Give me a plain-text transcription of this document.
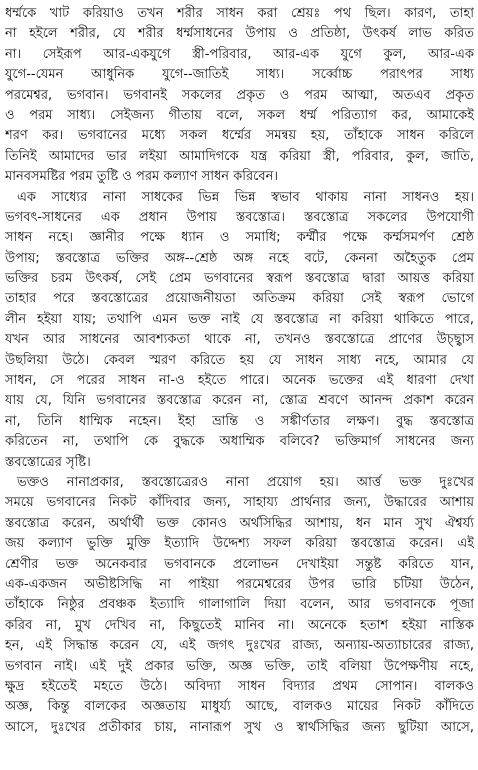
ধর্ম্মকে খাট করিয়াও তখন শরীর সাধন করা শ্রেয়ঃ পথ ছিল। কারণ, তাহা
না হইলে শরীর, যে শরীর ধর্ম্মসাধনের উপায় ও প্রতিষ্ঠা, উৎকর্ষ লাভ করিত
না। সেইরূপ আর-একযুগে স্ত্রী-পরিবার, আর-এক যুগে কুল, আর-এক
যুগে--যেমন আধুনিক যুগে--জাতিই সাধ্য। সর্ব্বোচ্চ পরাৎপর সাধ্য
পরমেশ্বর, ভগবান। ভগবানই সকলের প্রকৃত ও পরম আত্মা, অতএব প্রকৃত
ও পরম সাধ্য। সেইজন্য গীতায় বলে, সকল ধর্ম্ম পরিত্যাগ কর, আমাকেই
শরণ কর। ভগবানের মধ্যে সকল ধর্ম্মের সমন্বয় হয়, তাঁহাকে সাধন করিলে
তিনিই আমাদের ভার লইয়া আমাদিগকে যন্ত্র করিয়া স্ত্রী, পরিবার, কুল, জাতি,
মানবসমষ্টির পরম তুষ্টি ও পরম কল্যাণ সাধন করিবেন।
এক সাধ্যের নানা সাধকের ভিন্ন ভিন্ন স্বভাব থাকায় নানা সাধনও হয়।
ভগবৎ-সাধনের এক প্রধান উপায় স্তবস্তোত্র। স্তবস্তোত্র সকলের উপযোগী
সাধন নহে। জ্ঞানীর পক্ষে ধ্যান ও সমাধি; কর্ম্মীর পক্ষে কর্ম্মসমর্পণ শ্রেষ্ঠ
উপায়; স্তবস্তোত্র ভক্তির অঙ্গ--শ্রেষ্ঠ অঙ্গ নহে বটে, কেননা অহৈতুক প্রেম
ভক্তির চরম উৎকর্ষ, সেই প্রেম ভগবানের স্বরূপ স্তবস্তোত্র দ্বারা আয়ত্ত করিয়া
তাহার পরে স্তবস্তোত্রের প্রয়োজনীয়তা অতিক্রম করিয়া সেই স্বরূপ ভোগে
লীন হইয়া যায়; তথাপি এমন ভক্ত নাই যে স্তবস্তোত্র না করিয়া থাকিতে পারে,
যখন আর সাধনের আবশ্যকতা থাকে না, তখনও স্তবস্তোত্রে প্রাণের উচ্ছ্বাস
উছলিয়া উঠে। কেবল স্মরণ করিতে হয় যে সাধন সাধ্য নহে, আমার যে
সাধন, সে পরের সাধন না-ও হইতে পারে। অনেক ভক্তের এই ধারণা দেখা
যায় যে, যিনি ভগবানের স্তবস্তোত্র করেন না, স্তোত্র শ্রবণে আনন্দ প্রকাশ করেন
না, তিনি ধাম্মিক নহেন। ইহা ভ্রান্তি ও সঙ্কীর্ণতার লক্ষণ। বুদ্ধ স্তবস্তোত্র
করিতেন না, তথাপি কে বুদ্ধকে অধাম্মিক বলিবে? ভক্তিমার্গ সাধনের জন্য
স্তবস্তোত্রের সৃষ্টি।
ভক্তও নানাপ্রকার, স্তবস্তোত্রেরও নানা প্রয়োগ হয়। আর্ত্ত ভক্ত দুঃখের
সময়ে ভগবানের নিকট কাঁদিবার জন্য, সাহায্য প্রার্থনার জন্য, উদ্ধারের আশায়
স্তবস্তোত্র করেন, অর্থার্থী ভক্ত কোনও অর্থসিদ্ধির আশায়, ধন মান সুখ ঐশ্বর্য্য
জয় কল্যাণ ভুক্তি মুক্তি ইত্যাদি উদ্দেশ্য সফল করিয়া স্তবস্তোত্র করেন। এই
শ্রেণীর ভক্ত অনেকবার ভগবানকে প্রলোভন দেখাইয়া সন্তুষ্ট করিতে যান,
এক-একজন অভীষ্টসিদ্ধি না পাইয়া পরমেশ্বরের উপর ভারি চটিয়া উঠেন,
তাঁহাকে নিষ্ঠুর প্রবঞ্চক ইত্যাদি গালাগালি দিয়া বলেন, আর ভগবানকে পূজা
করিব না, মুখ দেখিব না, কিছুতেই মানিব না। অনেকে হতাশ হইয়া নাস্তিক
হন, এই সিদ্ধান্ত করেন যে, এই জগৎ দুঃখের রাজ্য, অন্যায়-অত্যাচারের রাজ্য,
ভগবান নাই। এই দুই প্রকার ভক্তি, অজ্ঞ ভক্তি, তাই বলিয়া উপেক্ষণীয় নহে,
ক্ষুদ্র হইতেই মহতে উঠে। অবিদ্যা সাধন বিদ্যার প্রথম সোপান। বালকও
অজ্ঞ, কিন্তু বালকের অজ্ঞতায় মাধুর্য্য আছে, বালকও মায়ের নিকট কাঁদিতে
আসে, দুঃখের প্রতীকার চায়, নানারূপ সুখ ও স্বার্থসিদ্ধির জন্য ছুটিয়া আসে,
